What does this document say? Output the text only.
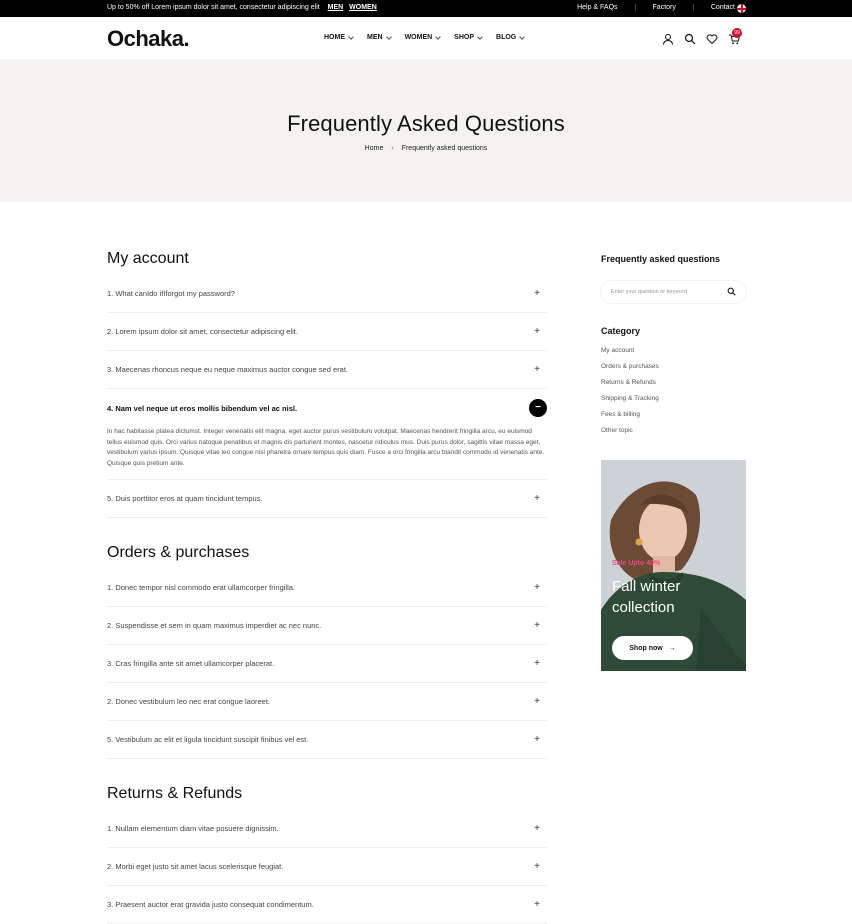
Up to 50% off Lorem ipsum dolor sit amet, consectetur adipiscing elit MEN WOMEN	Help & FAQs	Factory	Contact
Ochaka.	HOME	MEN	WOMEN	SHOP	BLOG
99
Frequently Asked Questions
Home › Frequently asked questions
My account
1. What canIdo ifIforgot my password?	+
2. Lorem ipsum dolor sit amet, consectetur adipiscing elit.	+
3. Maecenas rhoncus neque eu neque maximus auctor congue sed erat.	+
4. Nam vel neque ut eros mollis bibendum vel ac nisl.	−
In hac habitasse platea dictumst. Integer venenatis elit magna, eget auctor purus vestibulum volutpat. Maecenas hendrerit fringilla arcu, eu euismod tellus euismod quis. Orci varius natoque penatibus et magnis dis parturient montes, nascetur ridiculus mus. Duis purus dolor, sagittis vitae massa eget, vestibulum varius ipsum. Quisque vitae leo congue nisl pharetra ornare tempus quis diam. Fusce a orci fringilla arcu blandit commodo id venenatis ante. Quisque quis pretium ante.
5. Duis porttitor eros at quam tincidunt tempus.	+
Orders & purchases
1. Donec tempor nisl commodo erat ullamcorper fringilla.	+
2. Suspendisse et sem in quam maximus imperdiet ac nec nunc.	+
3. Cras fringilla ante sit amet ullamcorper placerat.	+
2. Donec vestibulum leo nec erat congue laoreet.	+
5. Vestibulum ac elit et ligula tincidunt suscipit finibus vel est.	+
Returns & Refunds
1. Nullam elementum diam vitae posuere dignissim.	+
2. Morbi eget justo sit amet lacus scelerisque feugiat.	+
3. Praesent auctor erat gravida justo consequat condimentum.	+
Frequently asked questions
Enter your question or keyword
Category
My account
Orders & purchases
Returns & Refunds
Shipping & Tracking
Fees & billing
Other topic
Sale Upto 40%
Fall winter
collection
Shop now →
